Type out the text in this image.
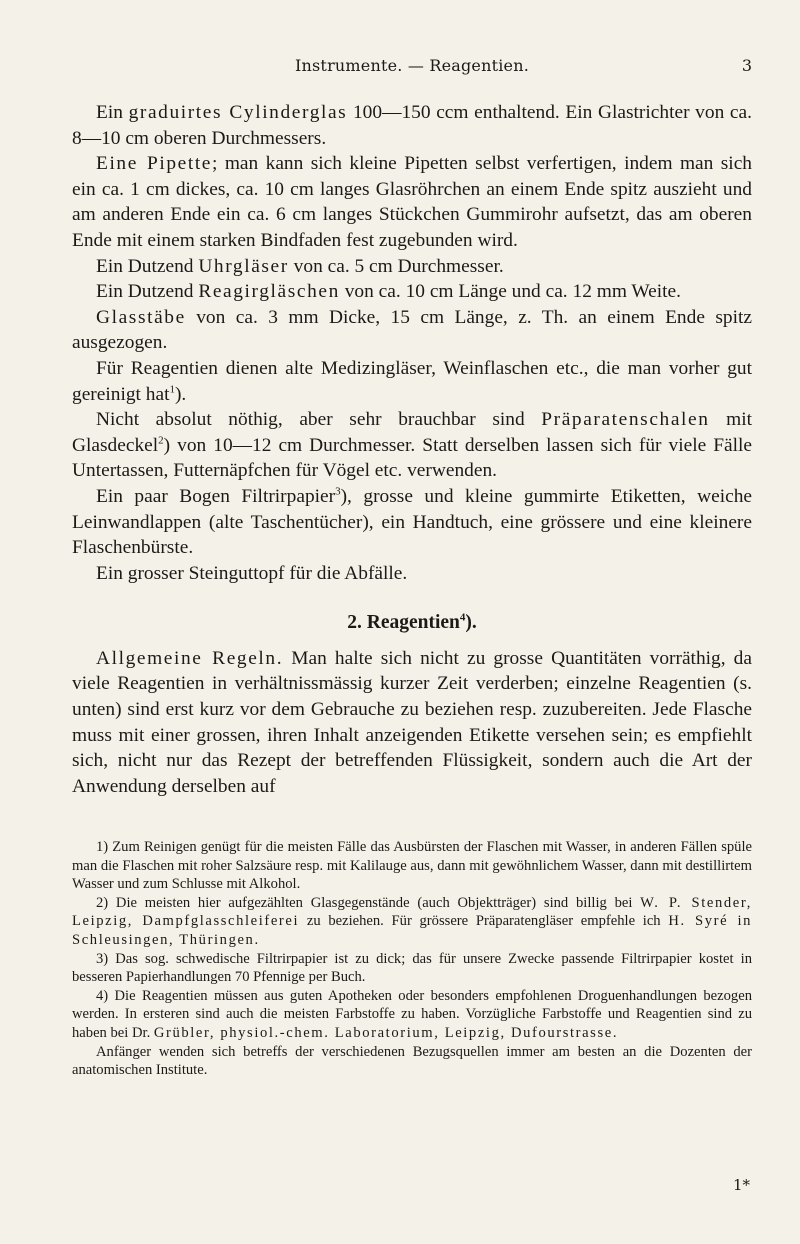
Instrumente. — Reagentien.	3

Ein graduirtes Cylinderglas 100—150 ccm enthaltend. Ein Glastrichter von ca. 8—10 cm oberen Durchmessers.

Eine Pipette; man kann sich kleine Pipetten selbst verfertigen, indem man sich ein ca. 1 cm dickes, ca. 10 cm langes Glasröhrchen an einem Ende spitz auszieht und am anderen Ende ein ca. 6 cm langes Stückchen Gummirohr aufsetzt, das am oberen Ende mit einem starken Bindfaden fest zugebunden wird.

Ein Dutzend Uhrgläser von ca. 5 cm Durchmesser.

Ein Dutzend Reagirgläschen von ca. 10 cm Länge und ca. 12 mm Weite.

Glasstäbe von ca. 3 mm Dicke, 15 cm Länge, z. Th. an einem Ende spitz ausgezogen.

Für Reagentien dienen alte Medizingläser, Weinflaschen etc., die man vorher gut gereinigt hat$^1$).

Nicht absolut nöthig, aber sehr brauchbar sind Präparatenschalen mit Glasdeckel$^2$) von 10—12 cm Durchmesser. Statt derselben lassen sich für viele Fälle Untertassen, Futternäpfchen für Vögel etc. verwenden.

Ein paar Bogen Filtrirpapier$^3$), grosse und kleine gummirte Etiketten, weiche Leinwandlappen (alte Taschentücher), ein Handtuch, eine grössere und eine kleinere Flaschenbürste.

Ein grosser Steinguttopf für die Abfälle.

2. Reagentien$^4$).

Allgemeine Regeln. Man halte sich nicht zu grosse Quantitäten vorräthig, da viele Reagentien in verhältnissmässig kurzer Zeit verderben; einzelne Reagentien (s. unten) sind erst kurz vor dem Gebrauche zu beziehen resp. zuzubereiten. Jede Flasche muss mit einer grossen, ihren Inhalt anzeigenden Etikette versehen sein; es empfiehlt sich, nicht nur das Rezept der betreffenden Flüssigkeit, sondern auch die Art der Anwendung derselben auf

1) Zum Reinigen genügt für die meisten Fälle das Ausbürsten der Flaschen mit Wasser, in anderen Fällen spüle man die Flaschen mit roher Salzsäure resp. mit Kalilauge aus, dann mit gewöhnlichem Wasser, dann mit destillirtem Wasser und zum Schlusse mit Alkohol.

2) Die meisten hier aufgezählten Glasgegenstände (auch Objektträger) sind billig bei W. P. Stender, Leipzig, Dampfglasschleiferei zu beziehen. Für grössere Präparatengläser empfehle ich H. Syré in Schleusingen, Thüringen.

3) Das sog. schwedische Filtrirpapier ist zu dick; das für unsere Zwecke passende Filtrirpapier kostet in besseren Papierhandlungen 70 Pfennige per Buch.

4) Die Reagentien müssen aus guten Apotheken oder besonders empfohlenen Droguenhandlungen bezogen werden. In ersteren sind auch die meisten Farbstoffe zu haben. Vorzügliche Farbstoffe und Reagentien sind zu haben bei Dr. Grübler, physiol.-chem. Laboratorium, Leipzig, Dufourstrasse.

Anfänger wenden sich betreffs der verschiedenen Bezugsquellen immer am besten an die Dozenten der anatomischen Institute.

1*
